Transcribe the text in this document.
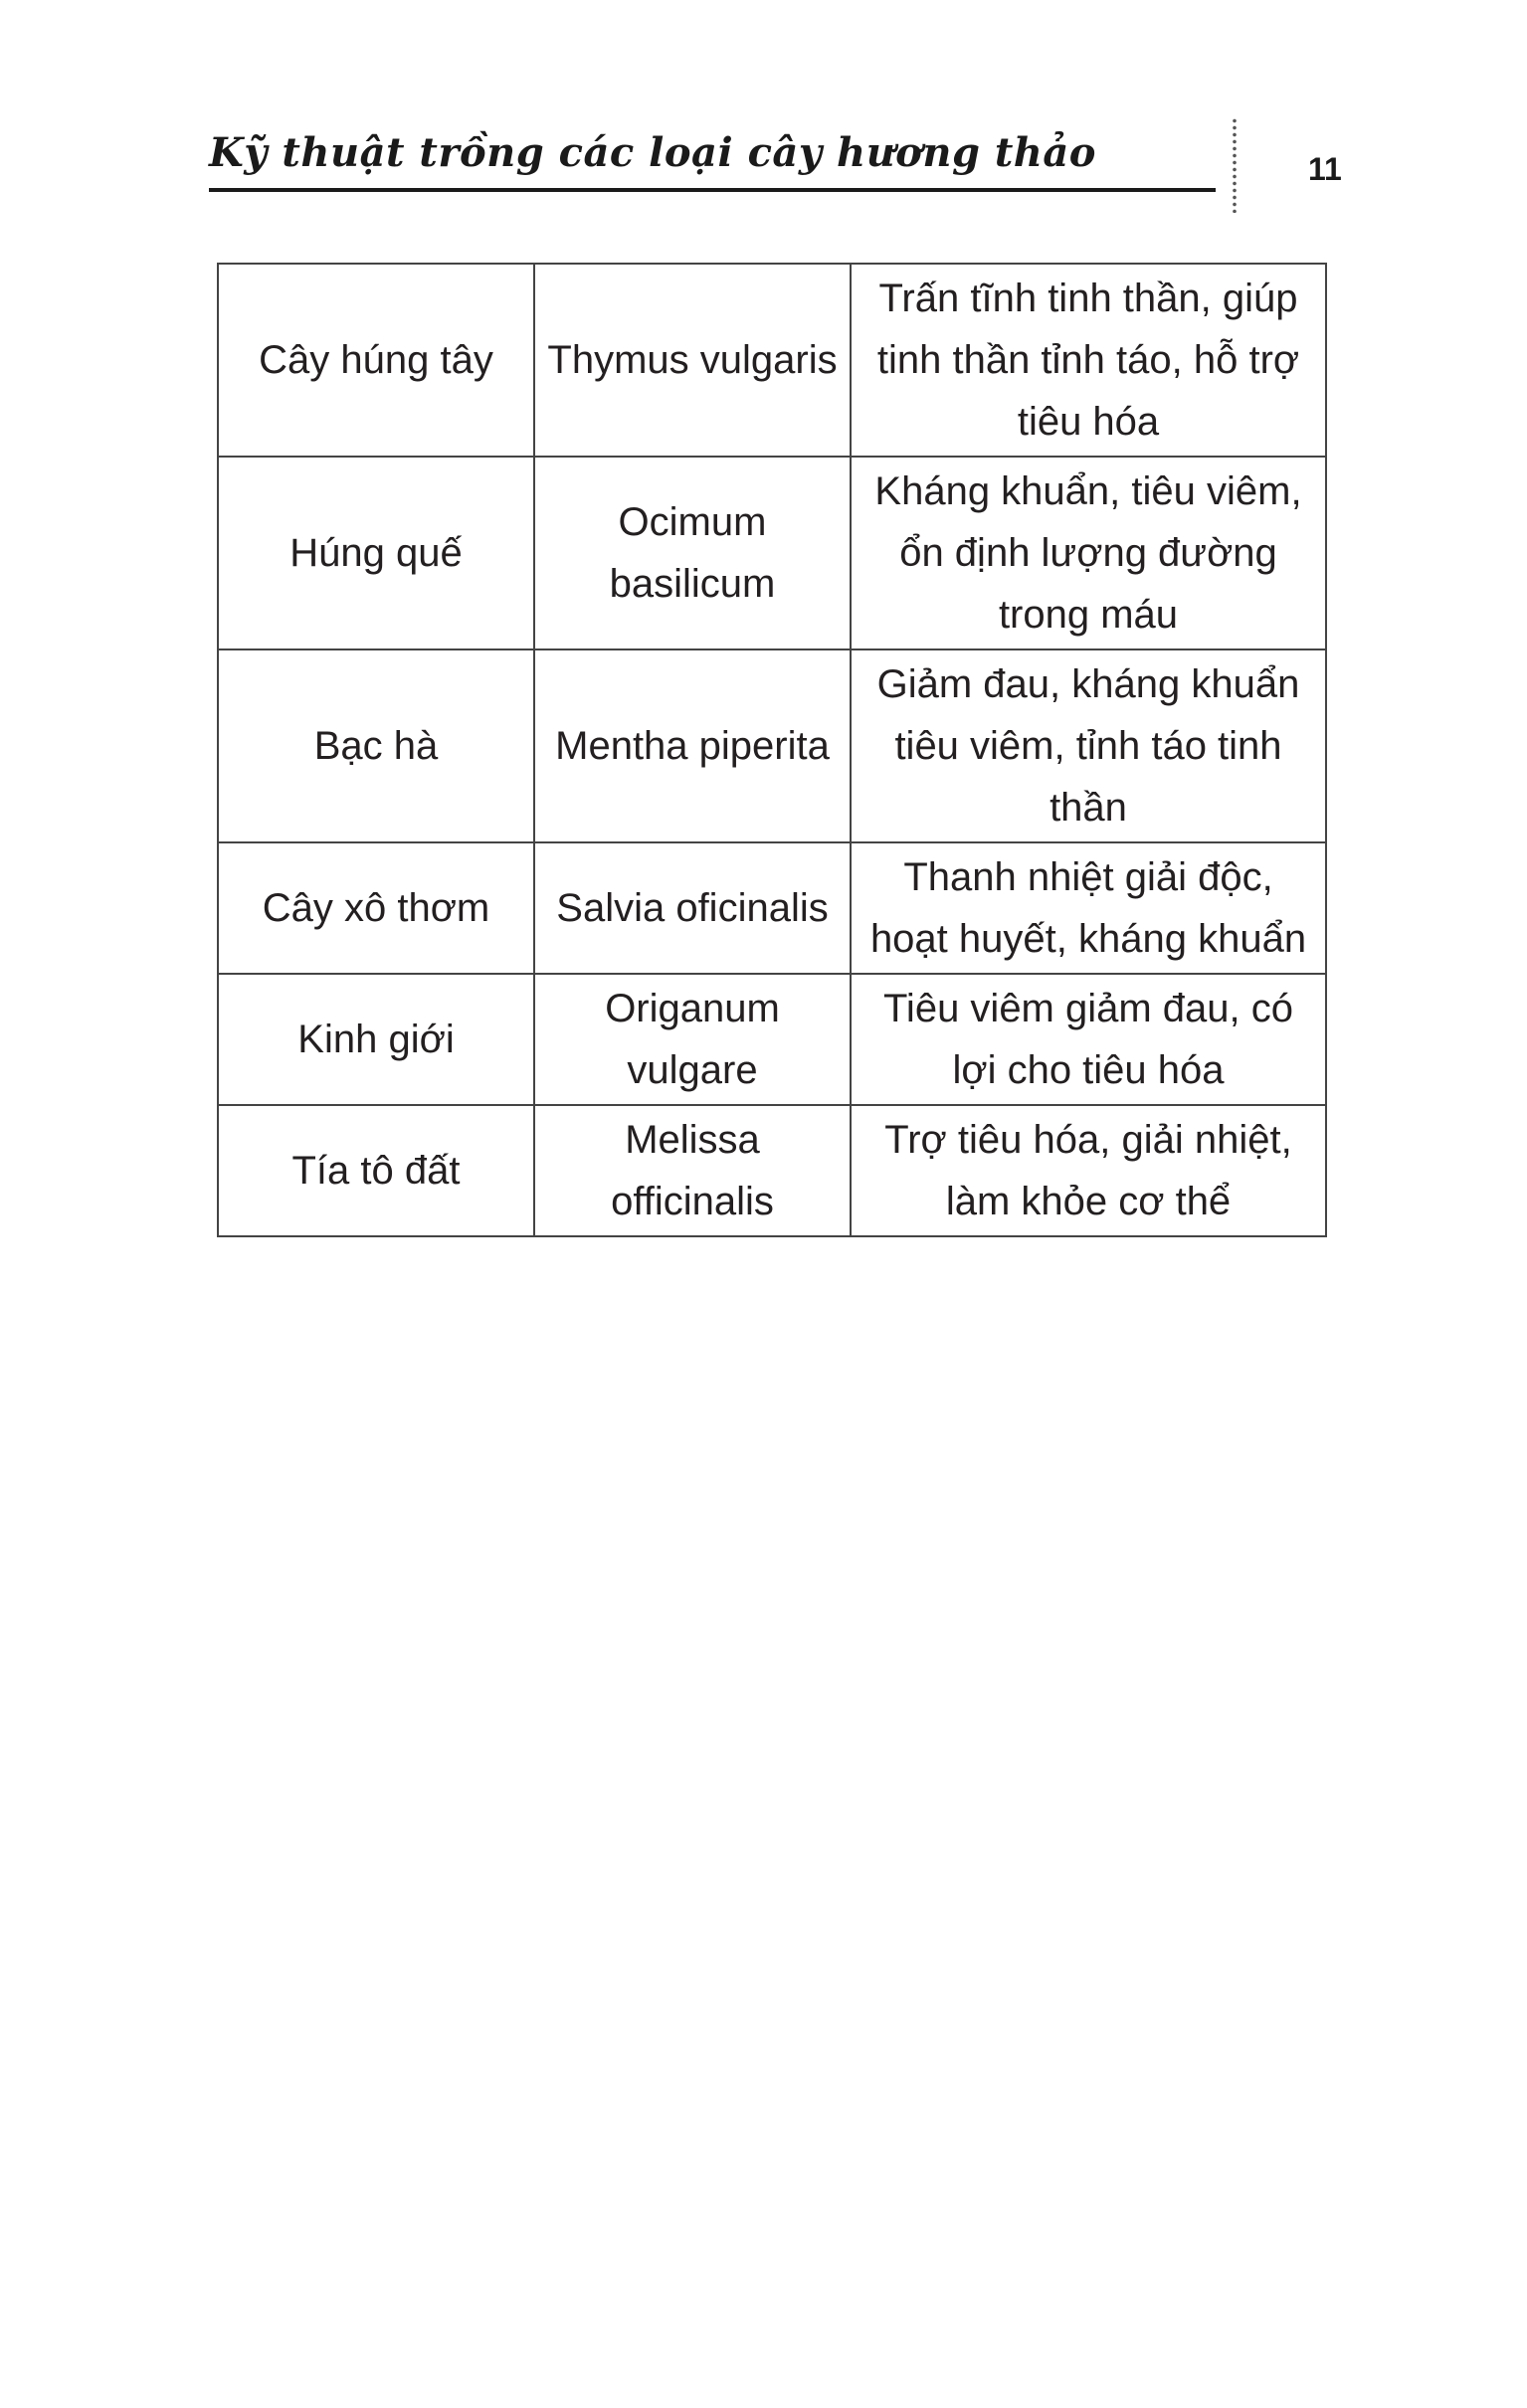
Kỹ thuật trồng các loại cây hương thảo	11
Cây húng tây	Thymus vulgaris	Trấn tĩnh tinh thần, giúp tinh thần tỉnh táo, hỗ trợ tiêu hóa
Húng quế	Ocimum basilicum	Kháng khuẩn, tiêu viêm, ổn định lượng đường trong máu
Bạc hà	Mentha piperita	Giảm đau, kháng khuẩn tiêu viêm, tỉnh táo tinh thần
Cây xô thơm	Salvia oficinalis	Thanh nhiệt giải độc, hoạt huyết, kháng khuẩn
Kinh giới	Origanum vulgare	Tiêu viêm giảm đau, có lợi cho tiêu hóa
Tía tô đất	Melissa officinalis	Trợ tiêu hóa, giải nhiệt, làm khỏe cơ thể
